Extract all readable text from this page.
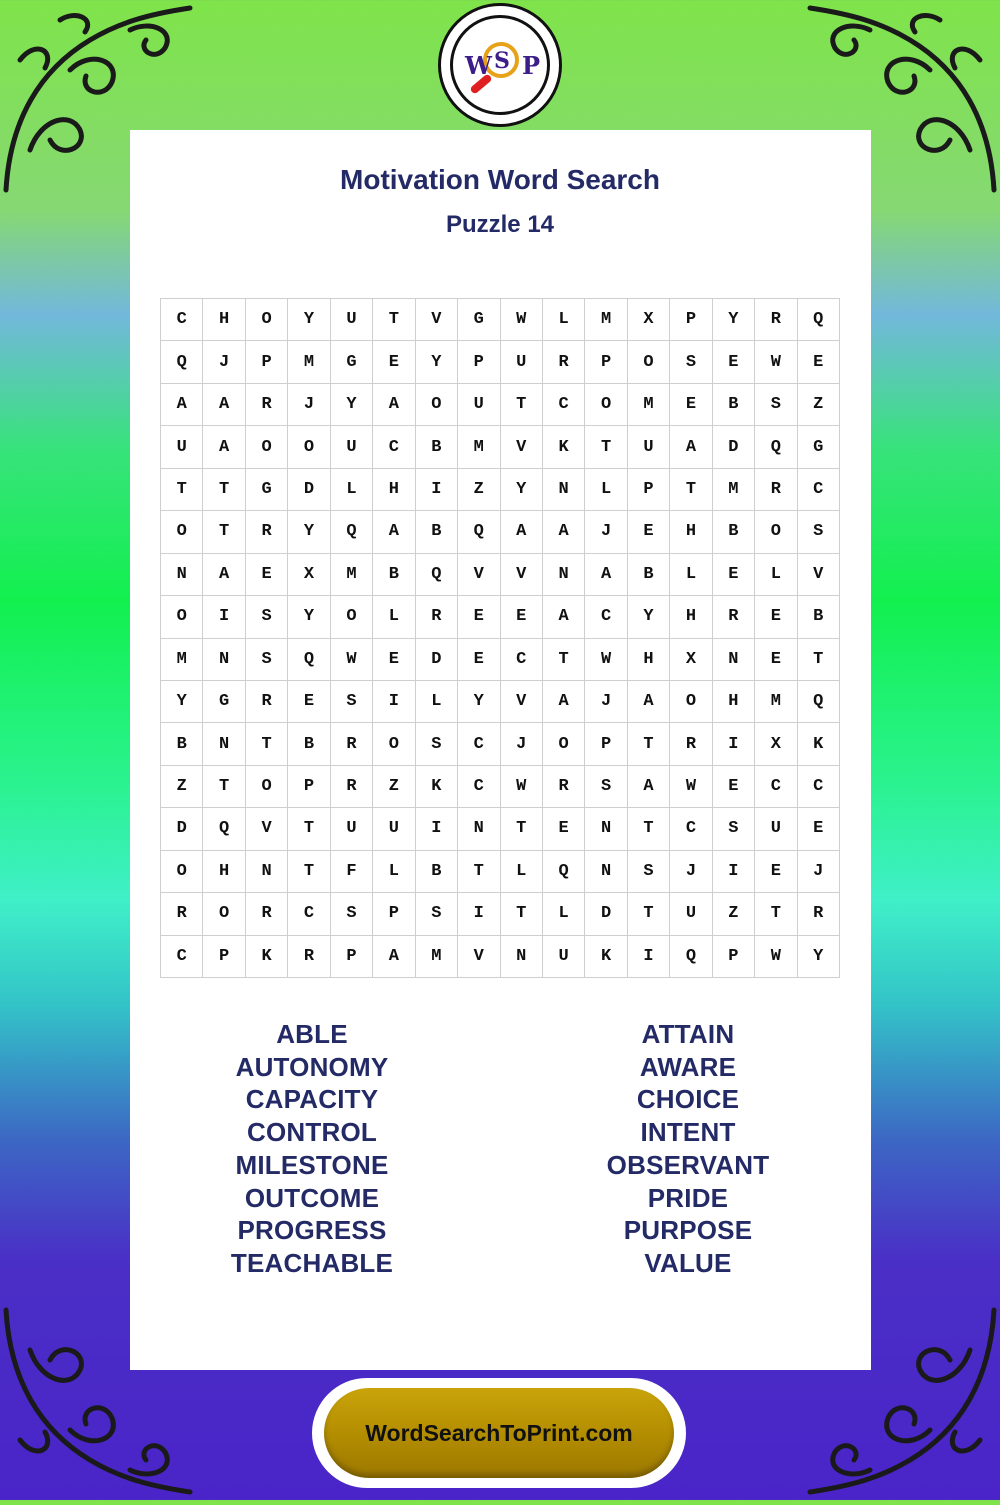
W S P
Motivation Word Search
Puzzle 14
C	H	O	Y	U	T	V	G	W	L	M	X	P	Y	R	Q
Q	J	P	M	G	E	Y	P	U	R	P	O	S	E	W	E
A	A	R	J	Y	A	O	U	T	C	O	M	E	B	S	Z
U	A	O	O	U	C	B	M	V	K	T	U	A	D	Q	G
T	T	G	D	L	H	I	Z	Y	N	L	P	T	M	R	C
O	T	R	Y	Q	A	B	Q	A	A	J	E	H	B	O	S
N	A	E	X	M	B	Q	V	V	N	A	B	L	E	L	V
O	I	S	Y	O	L	R	E	E	A	C	Y	H	R	E	B
M	N	S	Q	W	E	D	E	C	T	W	H	X	N	E	T
Y	G	R	E	S	I	L	Y	V	A	J	A	O	H	M	Q
B	N	T	B	R	O	S	C	J	O	P	T	R	I	X	K
Z	T	O	P	R	Z	K	C	W	R	S	A	W	E	C	C
D	Q	V	T	U	U	I	N	T	E	N	T	C	S	U	E
O	H	N	T	F	L	B	T	L	Q	N	S	J	I	E	J
R	O	R	C	S	P	S	I	T	L	D	T	U	Z	T	R
C	P	K	R	P	A	M	V	N	U	K	I	Q	P	W	Y
ABLE
AUTONOMY
CAPACITY
CONTROL
MILESTONE
OUTCOME
PROGRESS
TEACHABLE
ATTAIN
AWARE
CHOICE
INTENT
OBSERVANT
PRIDE
PURPOSE
VALUE
WordSearchToPrint.com
